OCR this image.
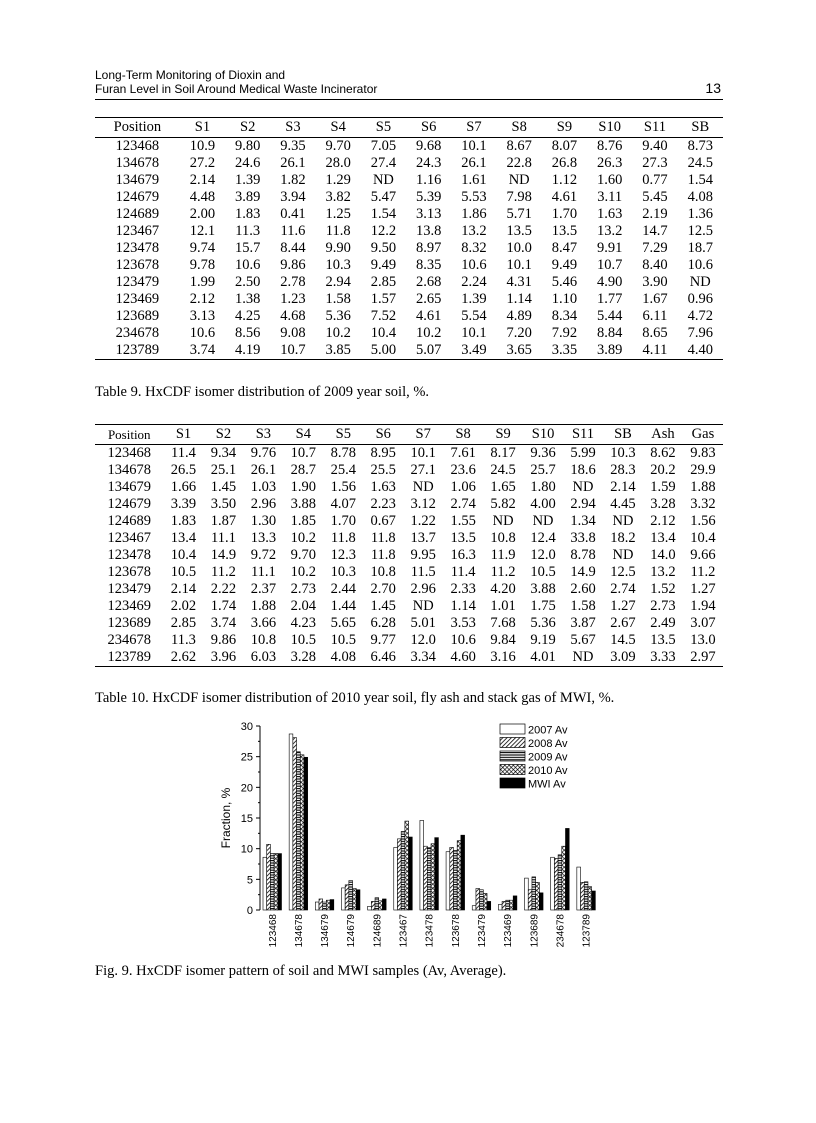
Long-Term Monitoring of Dioxin and
Furan Level in Soil Around Medical Waste Incinerator	13
Position	S1	S2	S3	S4	S5	S6	S7	S8	S9	S10	S11	SB
123468	10.9	9.80	9.35	9.70	7.05	9.68	10.1	8.67	8.07	8.76	9.40	8.73
134678	27.2	24.6	26.1	28.0	27.4	24.3	26.1	22.8	26.8	26.3	27.3	24.5
134679	2.14	1.39	1.82	1.29	ND	1.16	1.61	ND	1.12	1.60	0.77	1.54
124679	4.48	3.89	3.94	3.82	5.47	5.39	5.53	7.98	4.61	3.11	5.45	4.08
124689	2.00	1.83	0.41	1.25	1.54	3.13	1.86	5.71	1.70	1.63	2.19	1.36
123467	12.1	11.3	11.6	11.8	12.2	13.8	13.2	13.5	13.5	13.2	14.7	12.5
123478	9.74	15.7	8.44	9.90	9.50	8.97	8.32	10.0	8.47	9.91	7.29	18.7
123678	9.78	10.6	9.86	10.3	9.49	8.35	10.6	10.1	9.49	10.7	8.40	10.6
123479	1.99	2.50	2.78	2.94	2.85	2.68	2.24	4.31	5.46	4.90	3.90	ND
123469	2.12	1.38	1.23	1.58	1.57	2.65	1.39	1.14	1.10	1.77	1.67	0.96
123689	3.13	4.25	4.68	5.36	7.52	4.61	5.54	4.89	8.34	5.44	6.11	4.72
234678	10.6	8.56	9.08	10.2	10.4	10.2	10.1	7.20	7.92	8.84	8.65	7.96
123789	3.74	4.19	10.7	3.85	5.00	5.07	3.49	3.65	3.35	3.89	4.11	4.40
Table 9. HxCDF isomer distribution of 2009 year soil, %.
Position	S1	S2	S3	S4	S5	S6	S7	S8	S9	S10	S11	SB	Ash	Gas
123468	11.4	9.34	9.76	10.7	8.78	8.95	10.1	7.61	8.17	9.36	5.99	10.3	8.62	9.83
134678	26.5	25.1	26.1	28.7	25.4	25.5	27.1	23.6	24.5	25.7	18.6	28.3	20.2	29.9
134679	1.66	1.45	1.03	1.90	1.56	1.63	ND	1.06	1.65	1.80	ND	2.14	1.59	1.88
124679	3.39	3.50	2.96	3.88	4.07	2.23	3.12	2.74	5.82	4.00	2.94	4.45	3.28	3.32
124689	1.83	1.87	1.30	1.85	1.70	0.67	1.22	1.55	ND	ND	1.34	ND	2.12	1.56
123467	13.4	11.1	13.3	10.2	11.8	11.8	13.7	13.5	10.8	12.4	33.8	18.2	13.4	10.4
123478	10.4	14.9	9.72	9.70	12.3	11.8	9.95	16.3	11.9	12.0	8.78	ND	14.0	9.66
123678	10.5	11.2	11.1	10.2	10.3	10.8	11.5	11.4	11.2	10.5	14.9	12.5	13.2	11.2
123479	2.14	2.22	2.37	2.73	2.44	2.70	2.96	2.33	4.20	3.88	2.60	2.74	1.52	1.27
123469	2.02	1.74	1.88	2.04	1.44	1.45	ND	1.14	1.01	1.75	1.58	1.27	2.73	1.94
123689	2.85	3.74	3.66	4.23	5.65	6.28	5.01	3.53	7.68	5.36	3.87	2.67	2.49	3.07
234678	11.3	9.86	10.8	10.5	10.5	9.77	12.0	10.6	9.84	9.19	5.67	14.5	13.5	13.0
123789	2.62	3.96	6.03	3.28	4.08	6.46	3.34	4.60	3.16	4.01	ND	3.09	3.33	2.97
Table 10. HxCDF isomer distribution of 2010 year soil, fly ash and stack gas of MWI, %.
0
5
10
15
20
25
30
Fraction, %
123468 134678 134679 124679 124689 123467 123478 123678 123479 123469 123689 234678 123789
2007 Av
2008 Av
2009 Av
2010 Av
MWI Av
Fig. 9. HxCDF isomer pattern of soil and MWI samples (Av, Average).
